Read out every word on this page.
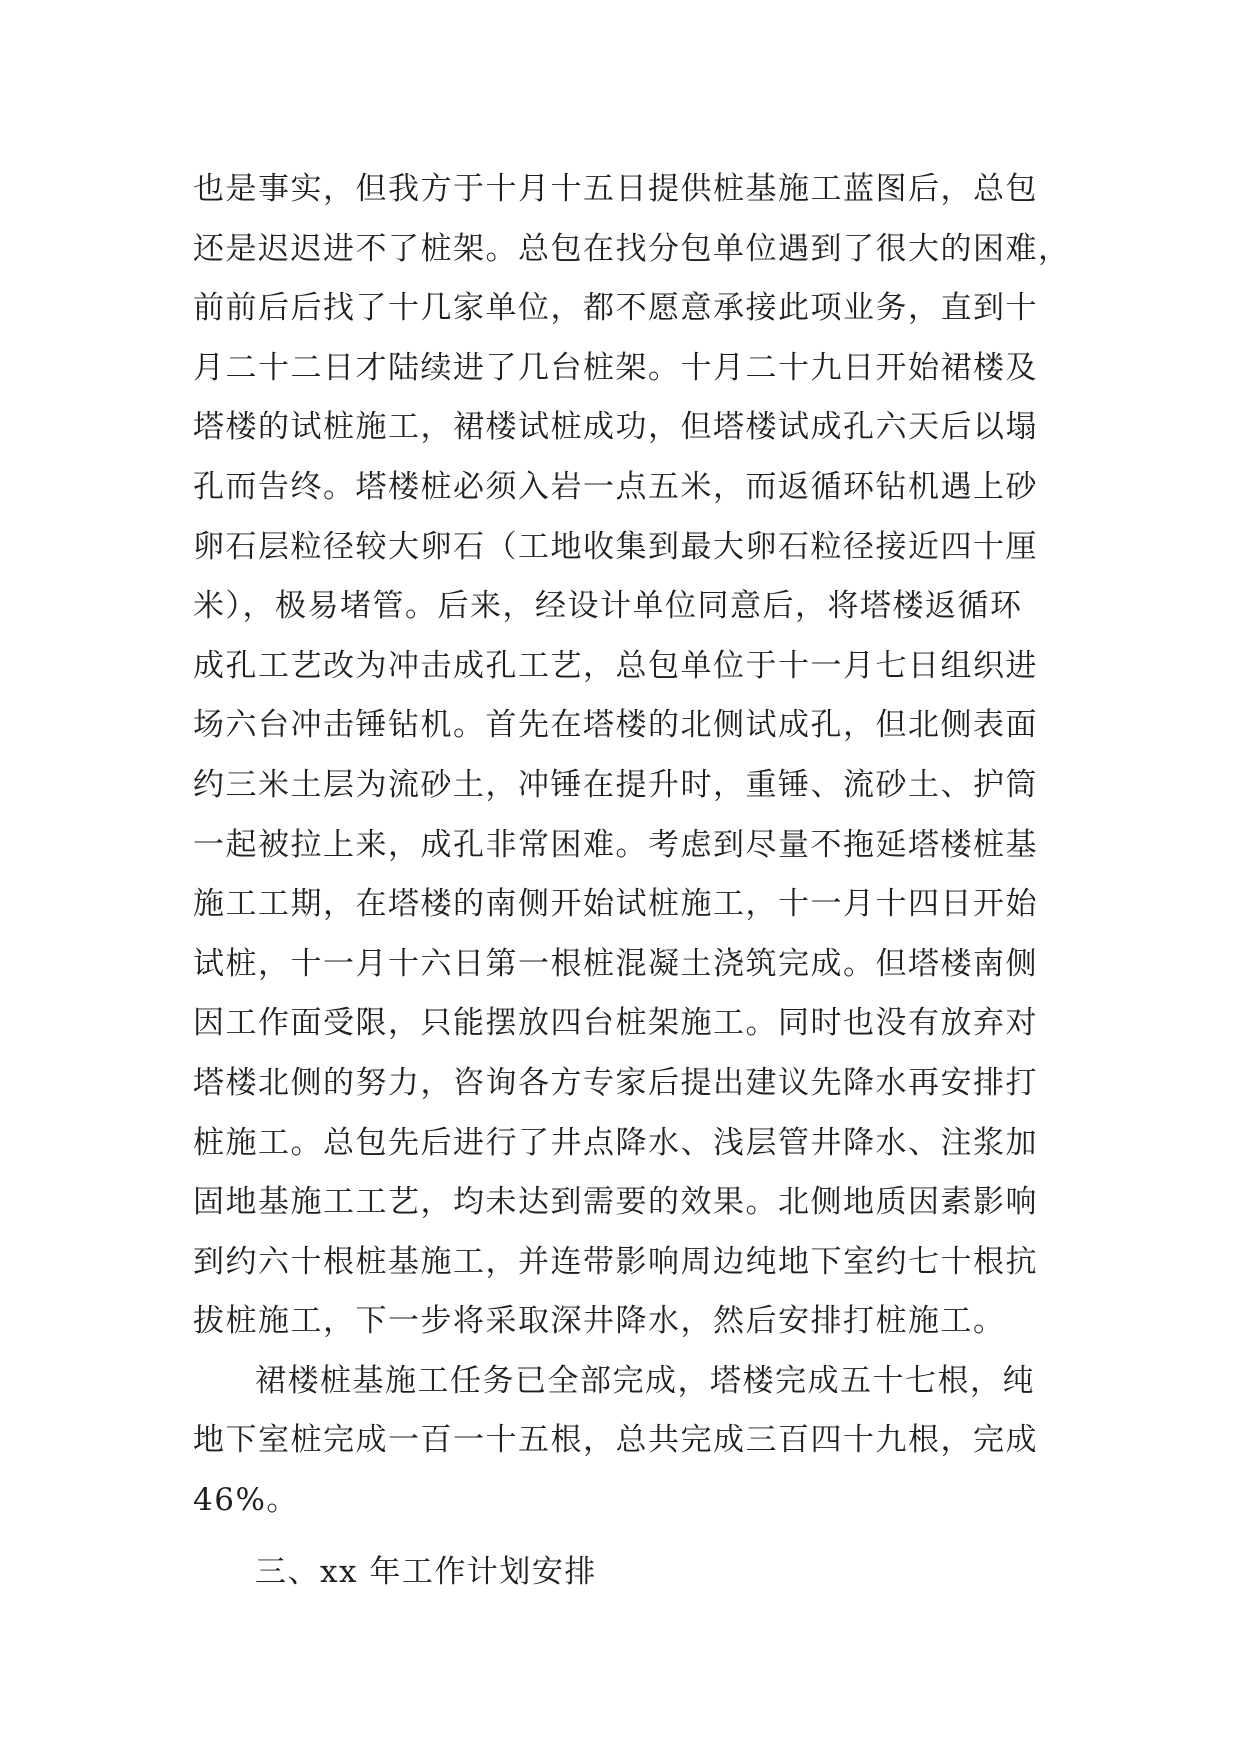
也是事实，但我方于十月十五日提供桩基施工蓝图后，总包
还是迟迟进不了桩架。总包在找分包单位遇到了很大的困难，
前前后后找了十几家单位，都不愿意承接此项业务，直到十
月二十二日才陆续进了几台桩架。十月二十九日开始裙楼及
塔楼的试桩施工，裙楼试桩成功，但塔楼试成孔六天后以塌
孔而告终。塔楼桩必须入岩一点五米，而返循环钻机遇上砂
卵石层粒径较大卵石（工地收集到最大卵石粒径接近四十厘
米），极易堵管。后来，经设计单位同意后，将塔楼返循环
成孔工艺改为冲击成孔工艺，总包单位于十一月七日组织进
场六台冲击锤钻机。首先在塔楼的北侧试成孔，但北侧表面
约三米土层为流砂土，冲锤在提升时，重锤、流砂土、护筒
一起被拉上来，成孔非常困难。考虑到尽量不拖延塔楼桩基
施工工期，在塔楼的南侧开始试桩施工，十一月十四日开始
试桩，十一月十六日第一根桩混凝土浇筑完成。但塔楼南侧
因工作面受限，只能摆放四台桩架施工。同时也没有放弃对
塔楼北侧的努力，咨询各方专家后提出建议先降水再安排打
桩施工。总包先后进行了井点降水、浅层管井降水、注浆加
固地基施工工艺，均未达到需要的效果。北侧地质因素影响
到约六十根桩基施工，并连带影响周边纯地下室约七十根抗
拔桩施工，下一步将采取深井降水，然后安排打桩施工。
裙楼桩基施工任务已全部完成，塔楼完成五十七根，纯
地下室桩完成一百一十五根，总共完成三百四十九根，完成
46%。
三、xx 年工作计划安排
